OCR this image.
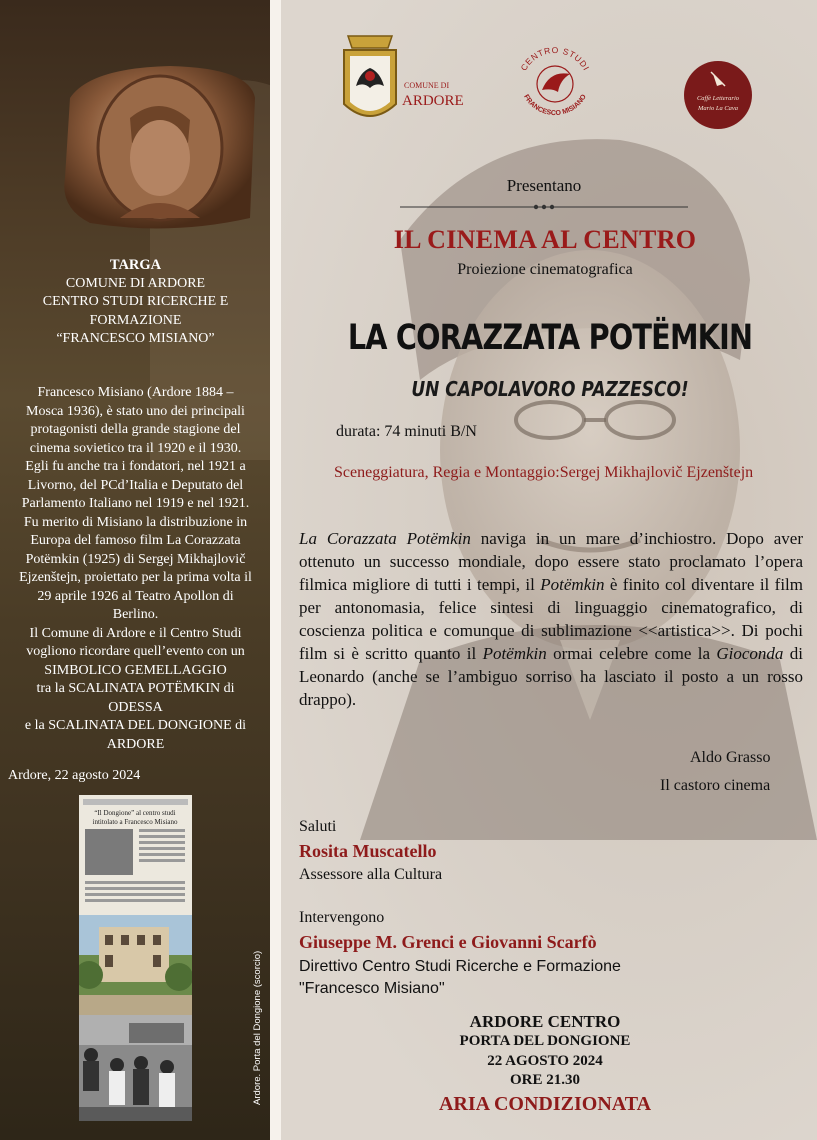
TARGA
COMUNE DI ARDORE
CENTRO STUDI RICERCHE E
FORMAZIONE
“FRANCESCO MISIANO”
Francesco Misiano (Ardore 1884 –
Mosca 1936), è stato uno dei principali
protagonisti della grande stagione del
cinema sovietico tra il 1920 e il 1930.
Egli fu anche tra i fondatori, nel 1921 a
Livorno, del PCd’Italia e Deputato del
Parlamento Italiano nel 1919 e nel 1921.
Fu merito di Misiano la distribuzione in
Europa del famoso film La Corazzata
Potëmkin (1925) di Sergej Mikhajlovič
Ejzenštejn, proiettato per la prima volta il
29 aprile 1926 al Teatro Apollon di
Berlino.
Il Comune di Ardore e il Centro Studi
vogliono ricordare quell’evento con un
SIMBOLICO GEMELLAGGIO
tra la SCALINATA POTËMKIN di
ODESSA
e la SCALINATA DEL DONGIONE di
ARDORE
Ardore, 22 agosto 2024
“Il Dongione” al centro studi
intitolato a Francesco Misiano
Ardore. Porta del Dongione (scorcio)
COMUNE DI
ARDORE
CENTRO STUDI
FRANCESCO MISIANO	Caffè Letterario
Mario La Cava
Presentano
IL CINEMA AL CENTRO
Proiezione cinematografica
LA CORAZZATA POTËMKIN
UN CAPOLAVORO PAZZESCO!
durata: 74 minuti B/N
Sceneggiatura, Regia e Montaggio:Sergej Mikhajlovič Ejzenštejn
La Corazzata Potëmkin naviga in un mare d’inchiostro. Dopo aver ottenuto un successo mondiale, dopo essere stato proclamato l’opera filmica migliore di tutti i tempi, il Potëmkin è finito col diventare il film per antonomasia, felice sintesi di linguaggio cinematografico, di coscienza politica e comunque di sublimazione <<artistica>>. Di pochi film si è scritto quanto il Potëmkin ormai celebre come la Gioconda di Leonardo (anche se l’ambiguo sorriso ha lasciato il posto a un rosso drappo).
Aldo Grasso
Il castoro cinema
Saluti
Rosita Muscatello
Assessore alla Cultura
Intervengono
Giuseppe M. Grenci e Giovanni Scarfò
Direttivo Centro Studi Ricerche e Formazione
"Francesco Misiano"
ARDORE CENTRO
PORTA DEL DONGIONE
22 AGOSTO 2024
ORE 21.30
ARIA CONDIZIONATA
